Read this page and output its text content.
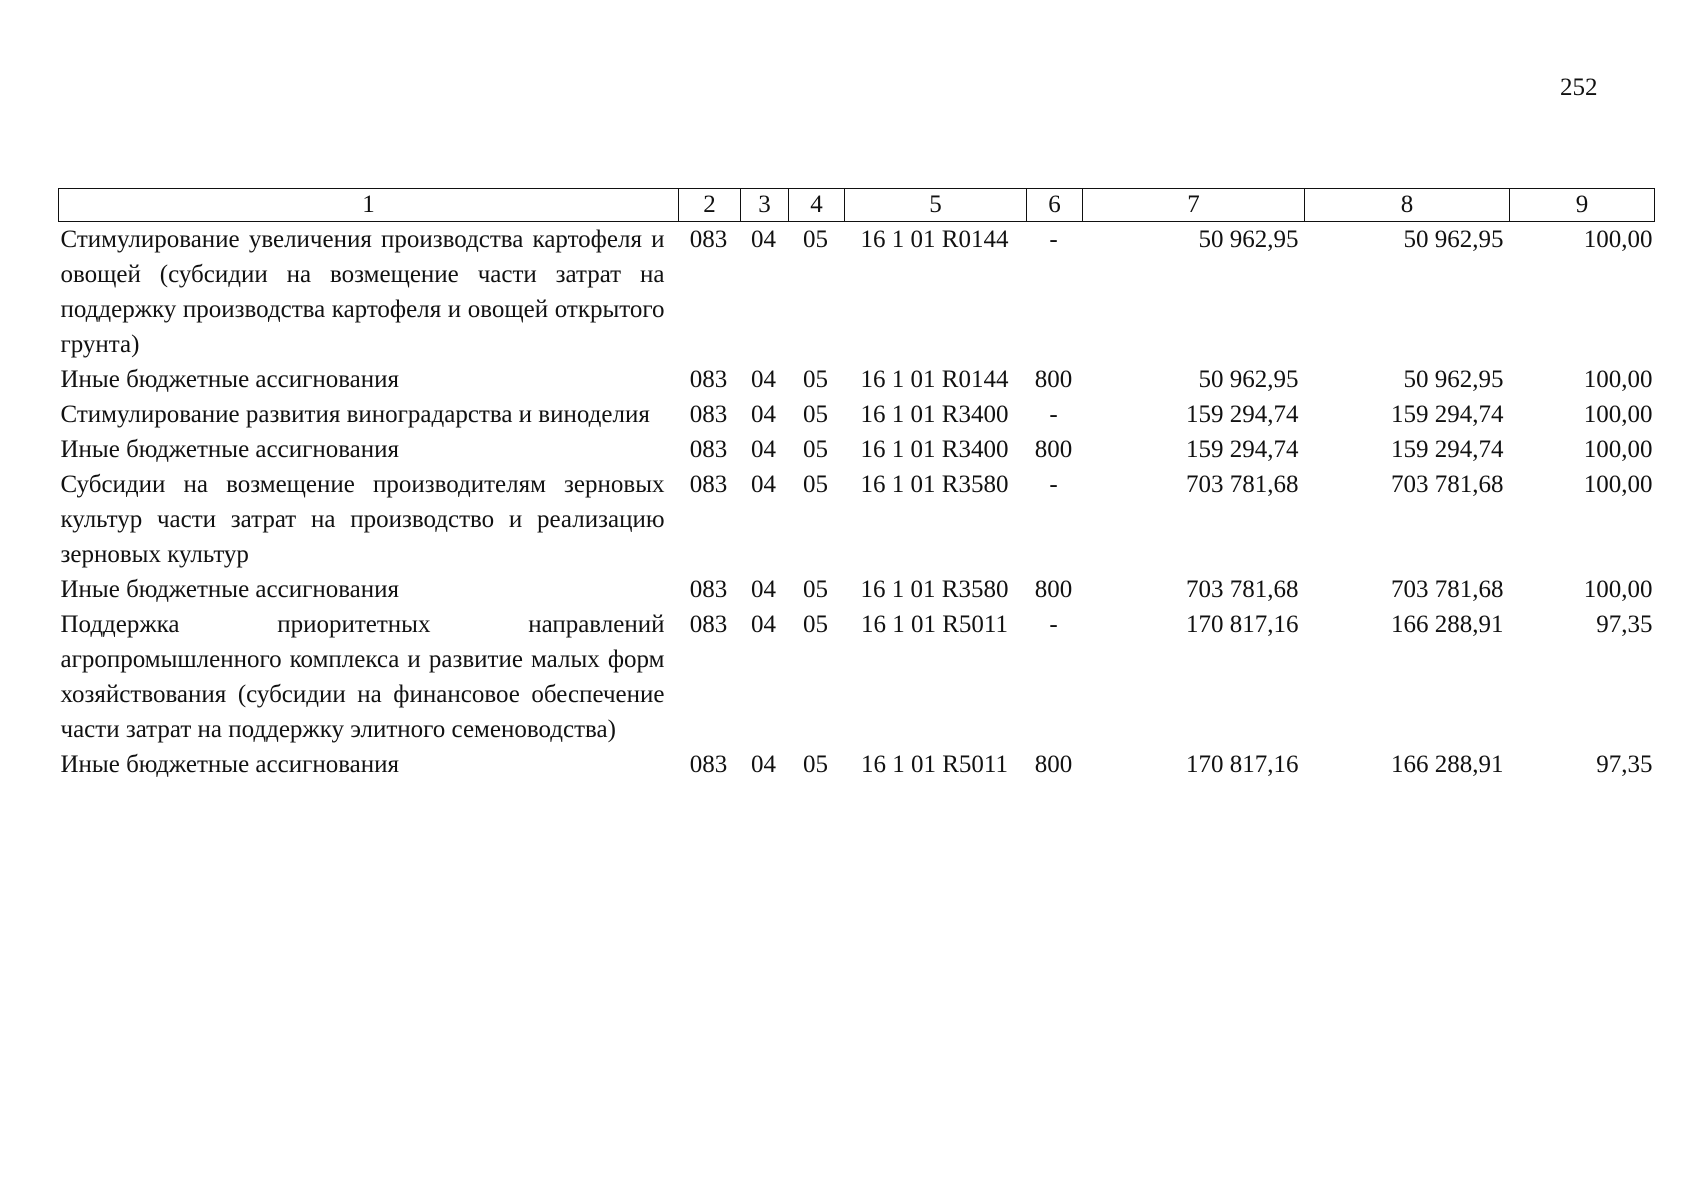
252
1	2	3	4	5	6	7	8	9
Стимулирование увеличения производства картофеля и овощей (субсидии на возмещение части затрат на поддержку производства картофеля и овощей открытого грунта)	083	04	05	16 1 01 R0144	-	50 962,95	50 962,95	100,00
Иные бюджетные ассигнования	083	04	05	16 1 01 R0144	800	50 962,95	50 962,95	100,00
Стимулирование развития виноградарства и виноделия	083	04	05	16 1 01 R3400	-	159 294,74	159 294,74	100,00
Иные бюджетные ассигнования	083	04	05	16 1 01 R3400	800	159 294,74	159 294,74	100,00
Субсидии на возмещение производителям зерновых культур части затрат на производство и реализацию зерновых культур	083	04	05	16 1 01 R3580	-	703 781,68	703 781,68	100,00
Иные бюджетные ассигнования	083	04	05	16 1 01 R3580	800	703 781,68	703 781,68	100,00
Поддержка приоритетных направлений агропромышленного комплекса и развитие малых форм хозяйствования (субсидии на финансовое обеспечение части затрат на поддержку элитного семеноводства)	083	04	05	16 1 01 R5011	-	170 817,16	166 288,91	97,35
Иные бюджетные ассигнования	083	04	05	16 1 01 R5011	800	170 817,16	166 288,91	97,35
